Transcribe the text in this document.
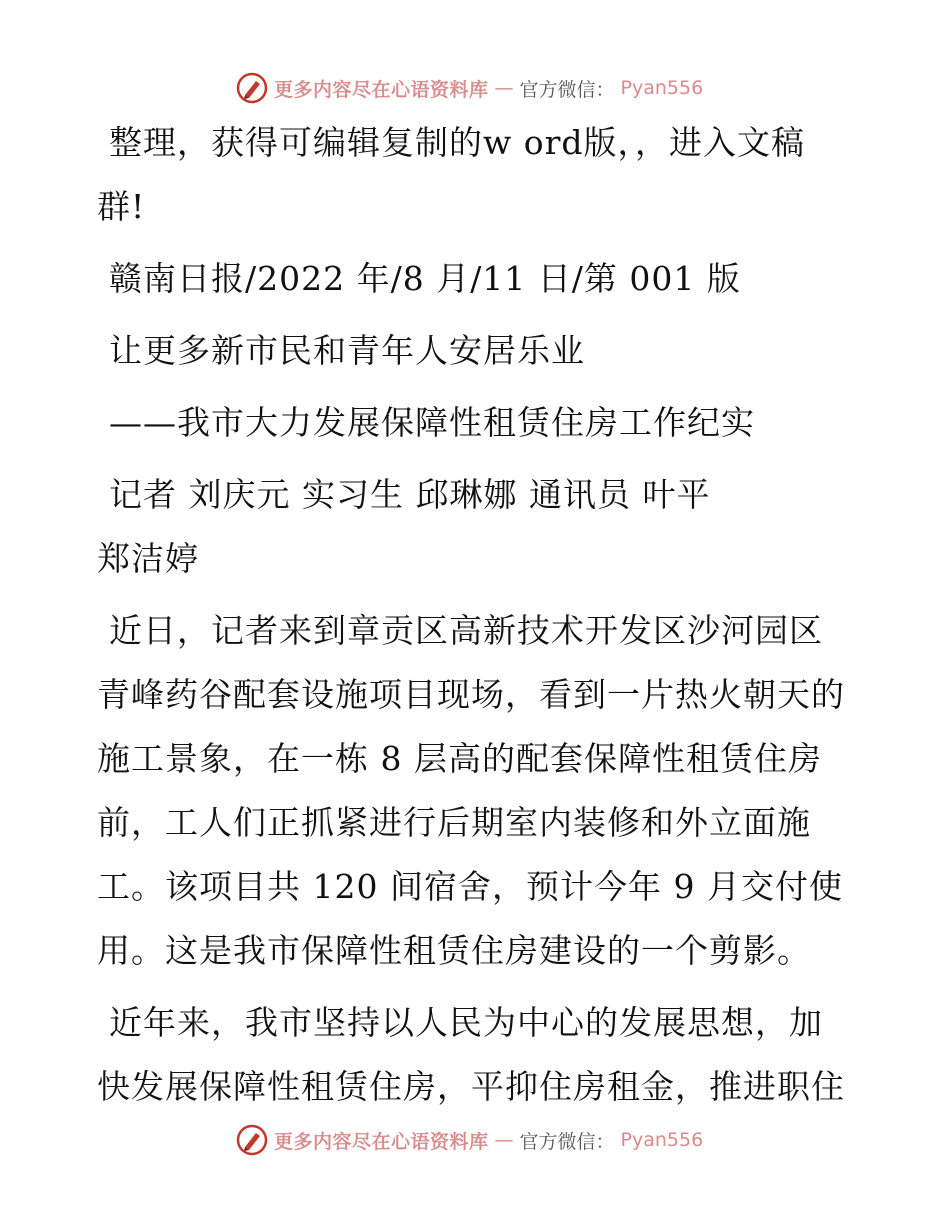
更多内容尽在心语资料库 — 官方微信： Pyan556
整理，获得可编辑复制的w ord版，，进入文稿
群!
赣南日报/2022 年/8 月/11 日/第 001 版
让更多新市民和青年人安居乐业
——我市大力发展保障性租赁住房工作纪实
记者 刘庆元 实习生 邱琳娜 通讯员 叶平
郑洁婷
近日，记者来到章贡区高新技术开发区沙河园区
青峰药谷配套设施项目现场，看到一片热火朝天的
施工景象，在一栋 8 层高的配套保障性租赁住房
前，工人们正抓紧进行后期室内装修和外立面施
工。该项目共 120 间宿舍，预计今年 9 月交付使
用。这是我市保障性租赁住房建设的一个剪影。
近年来，我市坚持以人民为中心的发展思想，加
快发展保障性租赁住房，平抑住房租金，推进职住
更多内容尽在心语资料库 — 官方微信： Pyan556
